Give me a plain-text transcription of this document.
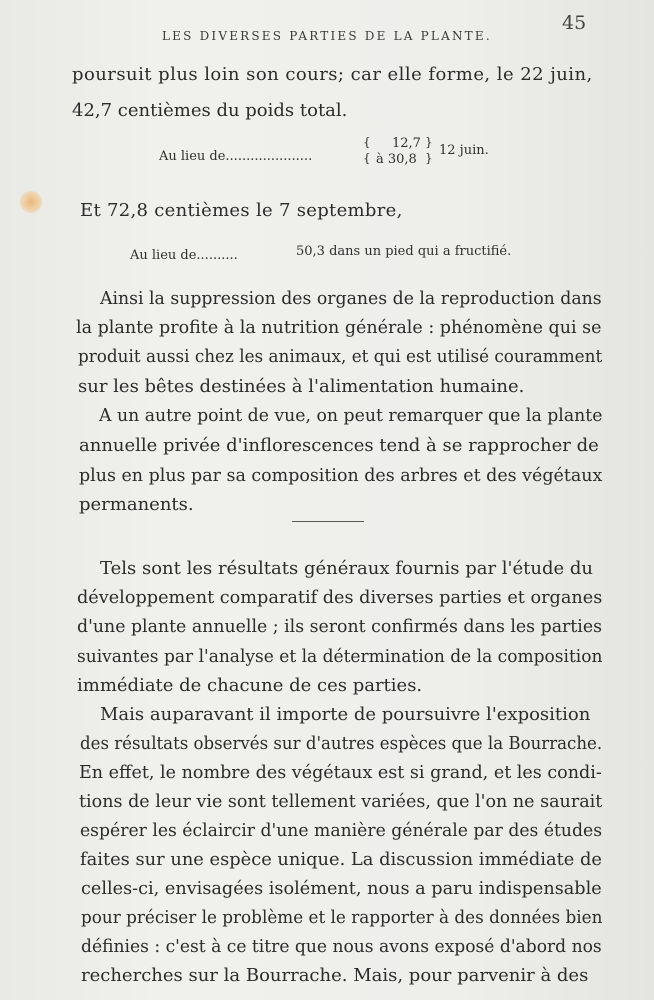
LES DIVERSES PARTIES DE LA PLANTE.
45
poursuit plus loin son cours; car elle forme, le 22 juin,
42,7 centièmes du poids total.
Au lieu de.....................
{
{
12,7
à 30,8
}
} 12 juin.
Et 72,8 centièmes le 7 septembre,
Au lieu de..........	50,3 dans un pied qui a fructifié.
Ainsi la suppression des organes de la reproduction dans
la plante profite à la nutrition générale : phénomène qui se
produit aussi chez les animaux, et qui est utilisé couramment
sur les bêtes destinées à l'alimentation humaine.
A un autre point de vue, on peut remarquer que la plante
annuelle privée d'inflorescences tend à se rapprocher de
plus en plus par sa composition des arbres et des végétaux
permanents.
Tels sont les résultats généraux fournis par l'étude du
développement comparatif des diverses parties et organes
d'une plante annuelle ; ils seront confirmés dans les parties
suivantes par l'analyse et la détermination de la composition
immédiate de chacune de ces parties.
Mais auparavant il importe de poursuivre l'exposition
des résultats observés sur d'autres espèces que la Bourrache.
En effet, le nombre des végétaux est si grand, et les condi-
tions de leur vie sont tellement variées, que l'on ne saurait
espérer les éclaircir d'une manière générale par des études
faites sur une espèce unique. La discussion immédiate de
celles-ci, envisagées isolément, nous a paru indispensable
pour préciser le problème et le rapporter à des données bien
définies : c'est à ce titre que nous avons exposé d'abord nos
recherches sur la Bourrache. Mais, pour parvenir à des
